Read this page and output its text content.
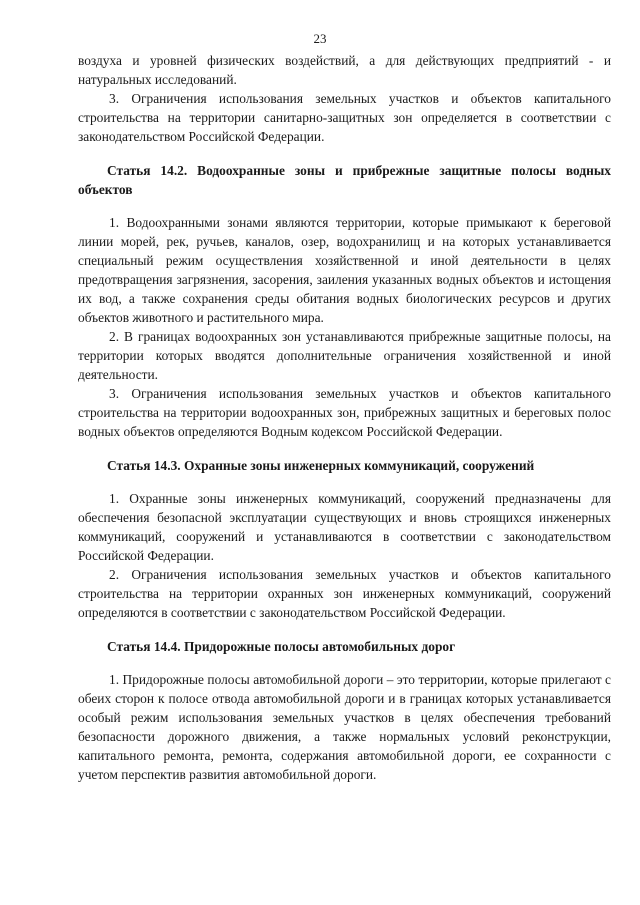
23

воздуха и уровней физических воздействий, а для действующих предприятий - и натуральных исследований.

3. Ограничения использования земельных участков и объектов капитального строительства на территории санитарно-защитных зон определяется в соответствии с законодательством Российской Федерации.

Статья 14.2. Водоохранные зоны и прибрежные защитные полосы водных объектов

1. Водоохранными зонами являются территории, которые примыкают к береговой линии морей, рек, ручьев, каналов, озер, водохранилищ и на которых устанавливается специальный режим осуществления хозяйственной и иной деятельности в целях предотвращения загрязнения, засорения, заиления указанных водных объектов и истощения их вод, а также сохранения среды обитания водных биологических ресурсов и других объектов животного и растительного мира.

2. В границах водоохранных зон устанавливаются прибрежные защитные полосы, на территории которых вводятся дополнительные ограничения хозяйственной и иной деятельности.

3. Ограничения использования земельных участков и объектов капитального строительства на территории водоохранных зон, прибрежных защитных и береговых полос водных объектов определяются Водным кодексом Российской Федерации.

Статья 14.3. Охранные зоны инженерных коммуникаций, сооружений

1. Охранные зоны инженерных коммуникаций, сооружений предназначены для обеспечения безопасной эксплуатации существующих и вновь строящихся инженерных коммуникаций, сооружений и устанавливаются в соответствии с законодательством Российской Федерации.

2. Ограничения использования земельных участков и объектов капитального строительства на территории охранных зон инженерных коммуникаций, сооружений определяются в соответствии с законодательством Российской Федерации.

Статья 14.4. Придорожные полосы автомобильных дорог

1. Придорожные полосы автомобильной дороги – это территории, которые прилегают с обеих сторон к полосе отвода автомобильной дороги и в границах которых устанавливается особый режим использования земельных участков в целях обеспечения требований безопасности дорожного движения, а также нормальных условий реконструкции, капитального ремонта, ремонта, содержания автомобильной дороги, ее сохранности с учетом перспектив развития автомобильной дороги.
